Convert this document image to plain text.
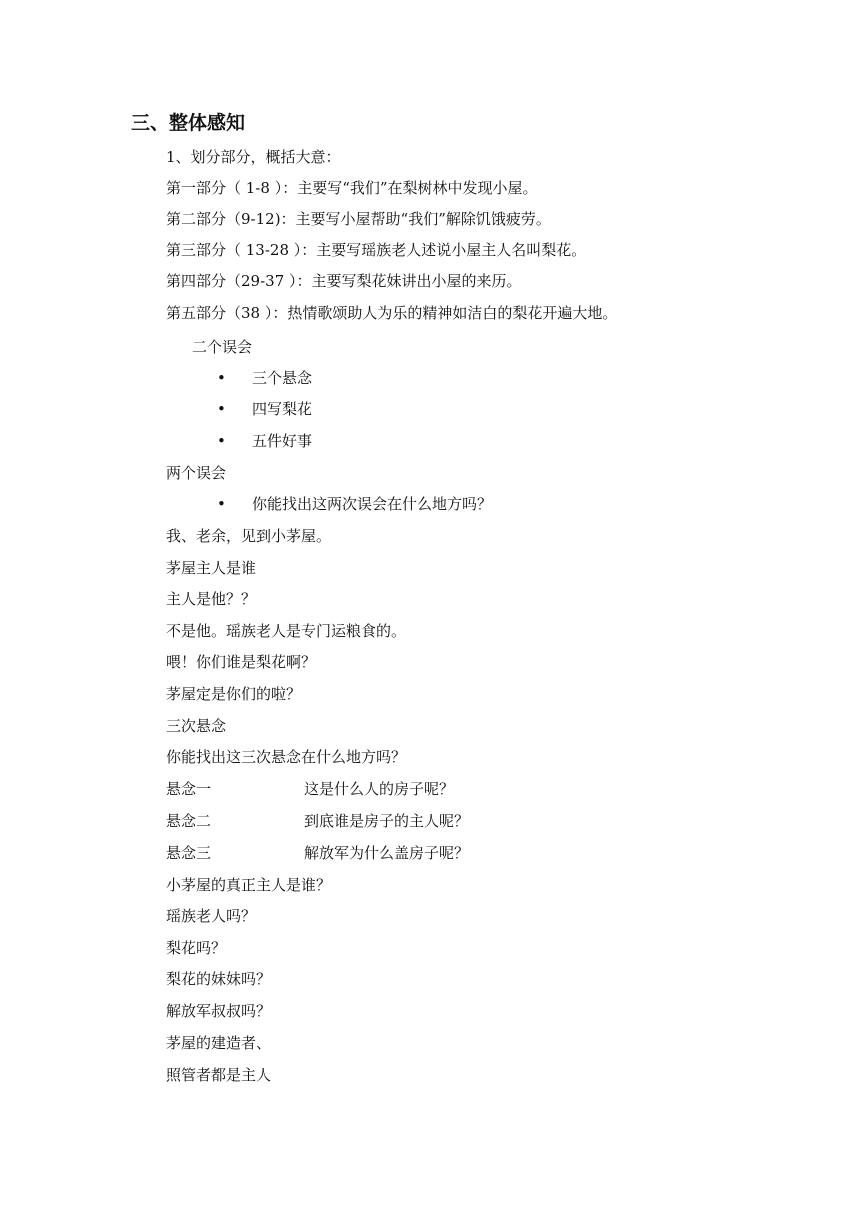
三、整体感知
1、划分部分，概括大意：
第一部分（ 1-8 ）：主要写“我们”在梨树林中发现小屋。
第二部分（9-12)：主要写小屋帮助“我们”解除饥饿疲劳。
第三部分（ 13-28 ）：主要写瑶族老人述说小屋主人名叫梨花。
第四部分（29-37 ）：主要写梨花妹讲出小屋的来历。
第五部分（38 ）：热情歌颂助人为乐的精神如洁白的梨花开遍大地。
二个误会
• 三个悬念
• 四写梨花
• 五件好事
两个误会
• 你能找出这两次误会在什么地方吗？
我、老余，见到小茅屋。
茅屋主人是谁
主人是他？？
不是他。瑶族老人是专门运粮食的。
喂！你们谁是梨花啊？
茅屋定是你们的啦？
三次悬念
你能找出这三次悬念在什么地方吗？
悬念一	这是什么人的房子呢？
悬念二	到底谁是房子的主人呢？
悬念三	解放军为什么盖房子呢？
小茅屋的真正主人是谁？
瑶族老人吗？
梨花吗？
梨花的妹妹吗？
解放军叔叔吗？
茅屋的建造者、
照管者都是主人
